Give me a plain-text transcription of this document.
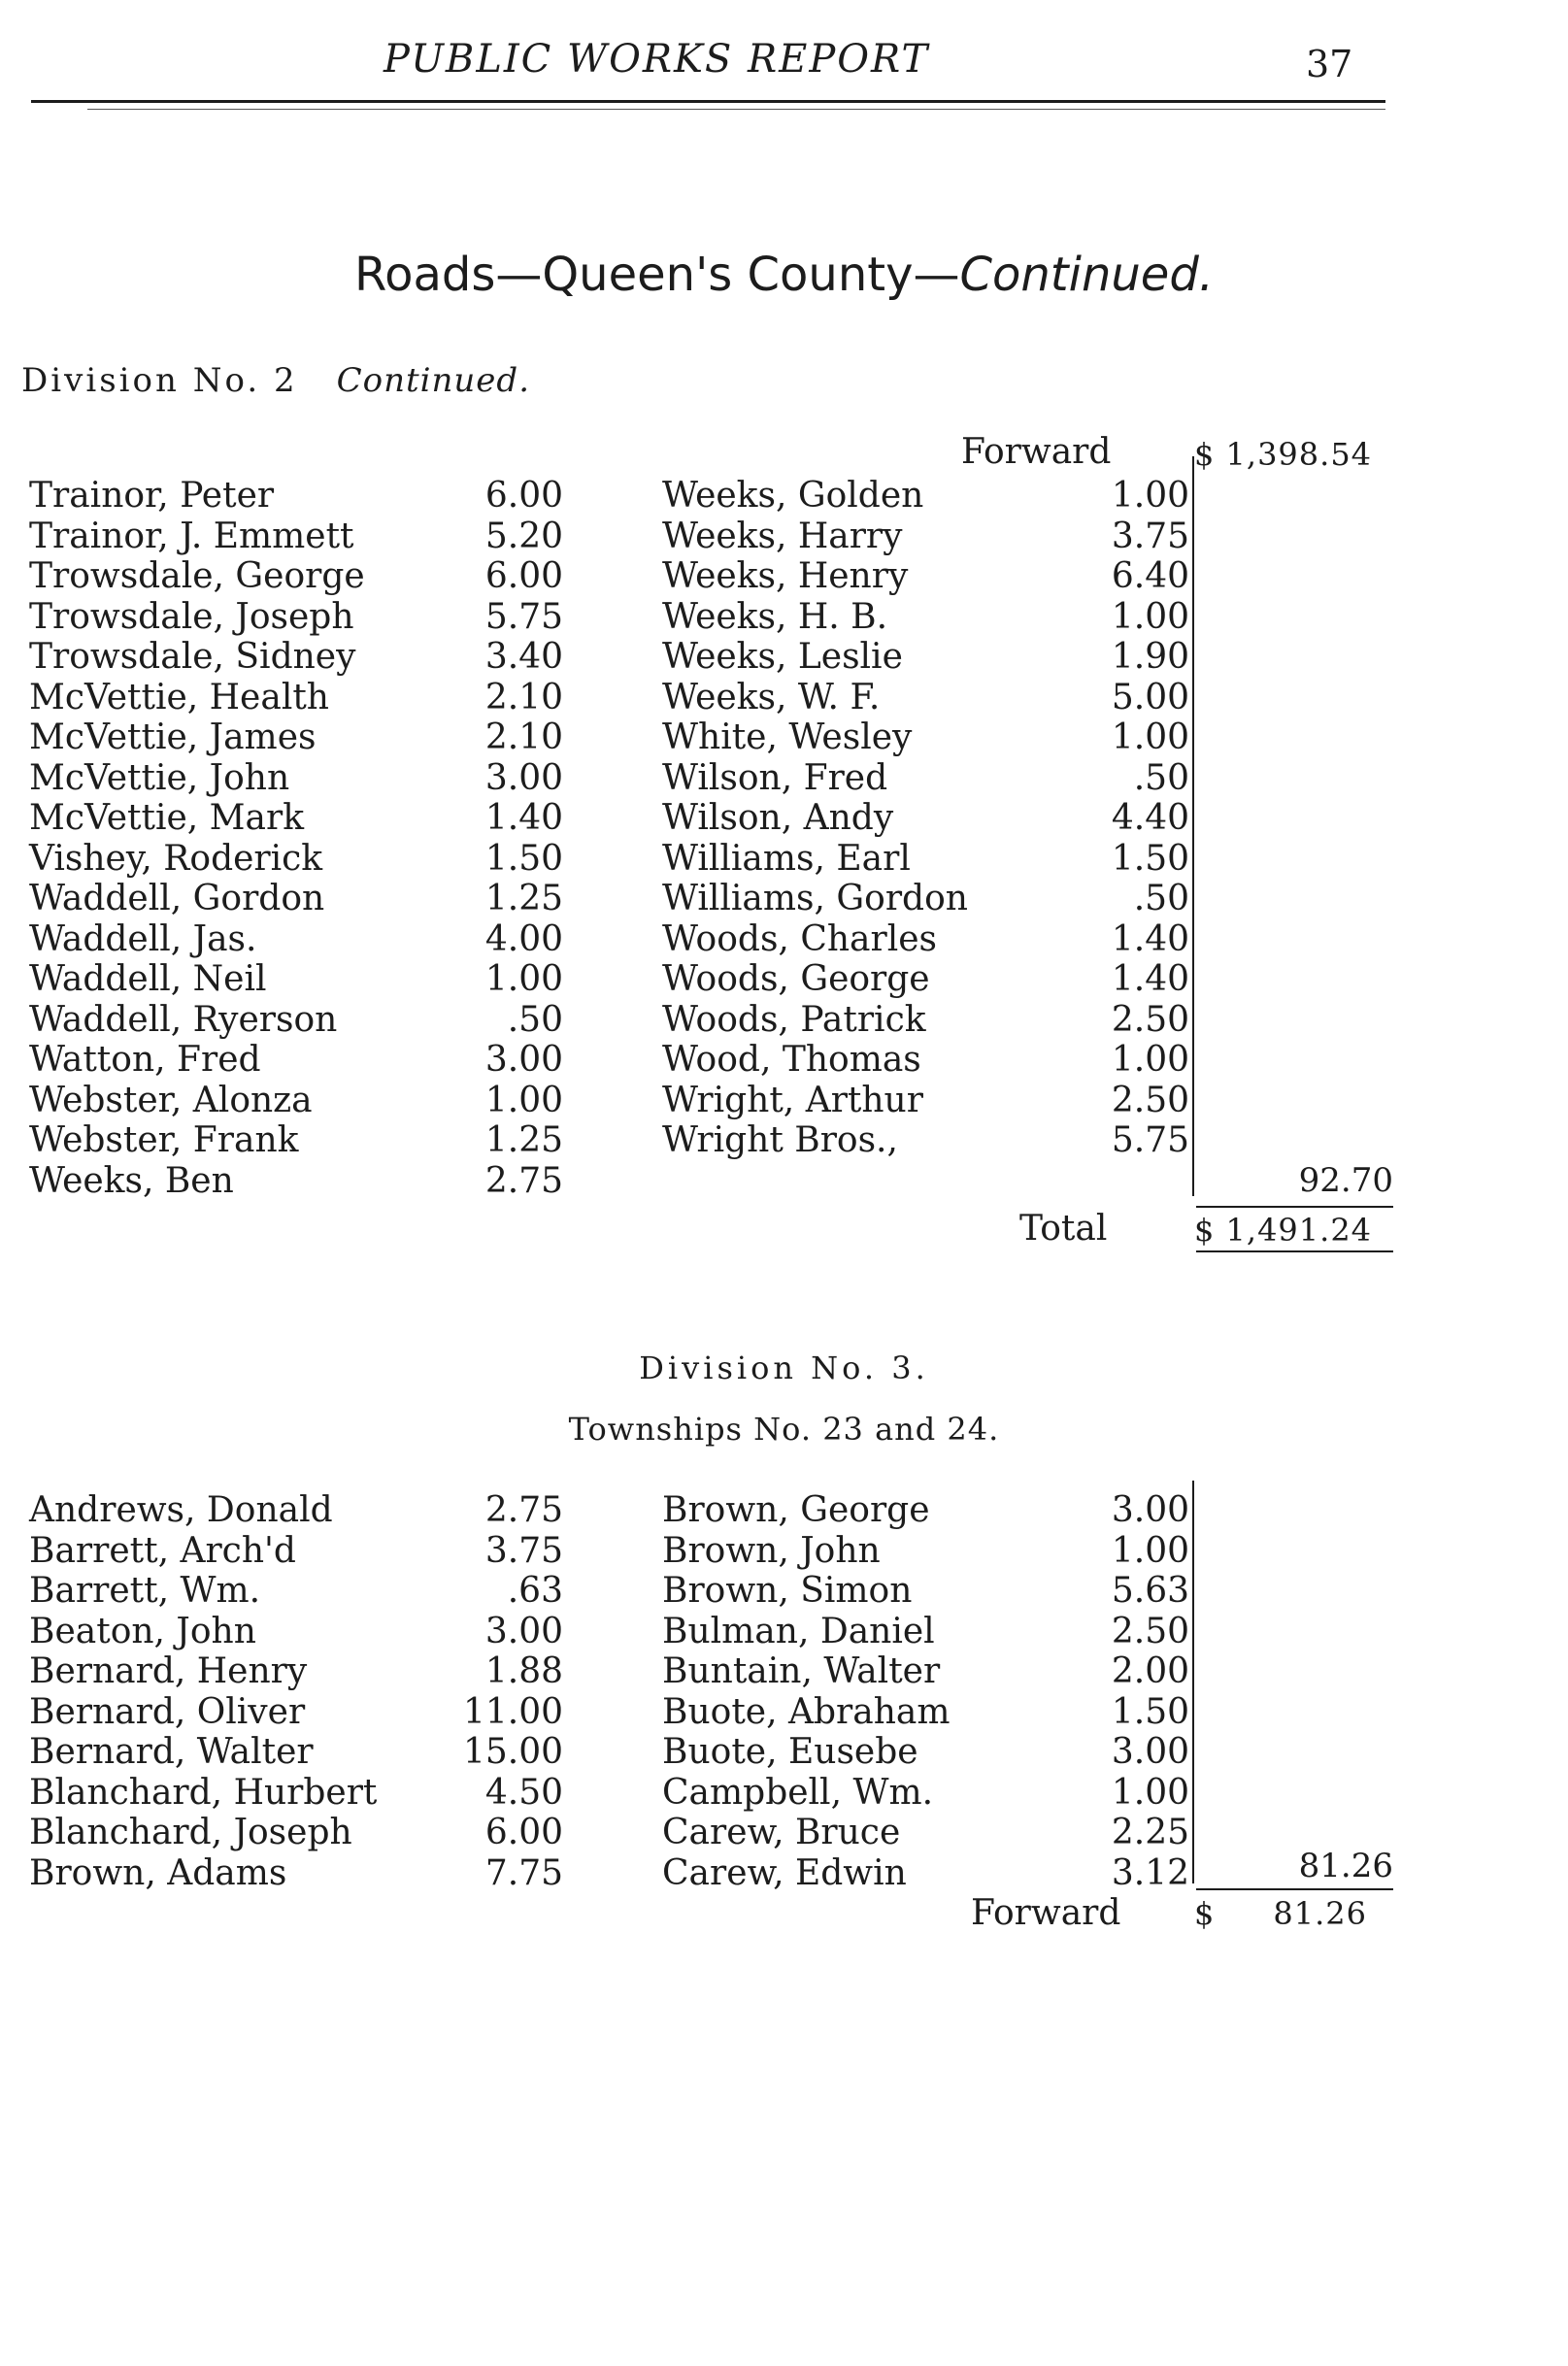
PUBLIC WORKS REPORT	37
Roads—Queen's County—Continued.
Division No. 2 Continued.
Forward	$ 1,398.54
Trainor, Peter	6.00
Trainor, J. Emmett	5.20
Trowsdale, George	6.00
Trowsdale, Joseph	5.75
Trowsdale, Sidney	3.40
McVettie, Health	2.10
McVettie, James	2.10
McVettie, John	3.00
McVettie, Mark	1.40
Vishey, Roderick	1.50
Waddell, Gordon	1.25
Waddell, Jas.	4.00
Waddell, Neil	1.00
Waddell, Ryerson	.50
Watton, Fred	3.00
Webster, Alonza	1.00
Webster, Frank	1.25
Weeks, Ben	2.75
Weeks, Golden	1.00
Weeks, Harry	3.75
Weeks, Henry	6.40
Weeks, H. B.	1.00
Weeks, Leslie	1.90
Weeks, W. F.	5.00
White, Wesley	1.00
Wilson, Fred	.50
Wilson, Andy	4.40
Williams, Earl	1.50
Williams, Gordon	.50
Woods, Charles	1.40
Woods, George	1.40
Woods, Patrick	2.50
Wood, Thomas	1.00
Wright, Arthur	2.50
Wright Bros.,	5.75
92.70
Total	$ 1,491.24
Division No. 3.
Townships No. 23 and 24.
Andrews, Donald	2.75
Barrett, Arch'd	3.75
Barrett, Wm.	.63
Beaton, John	3.00
Bernard, Henry	1.88
Bernard, Oliver	11.00
Bernard, Walter	15.00
Blanchard, Hurbert	4.50
Blanchard, Joseph	6.00
Brown, Adams	7.75
Brown, George	3.00
Brown, John	1.00
Brown, Simon	5.63
Bulman, Daniel	2.50
Buntain, Walter	2.00
Buote, Abraham	1.50
Buote, Eusebe	3.00
Campbell, Wm.	1.00
Carew, Bruce	2.25
Carew, Edwin	3.12	81.26
Forward $ 81.26
